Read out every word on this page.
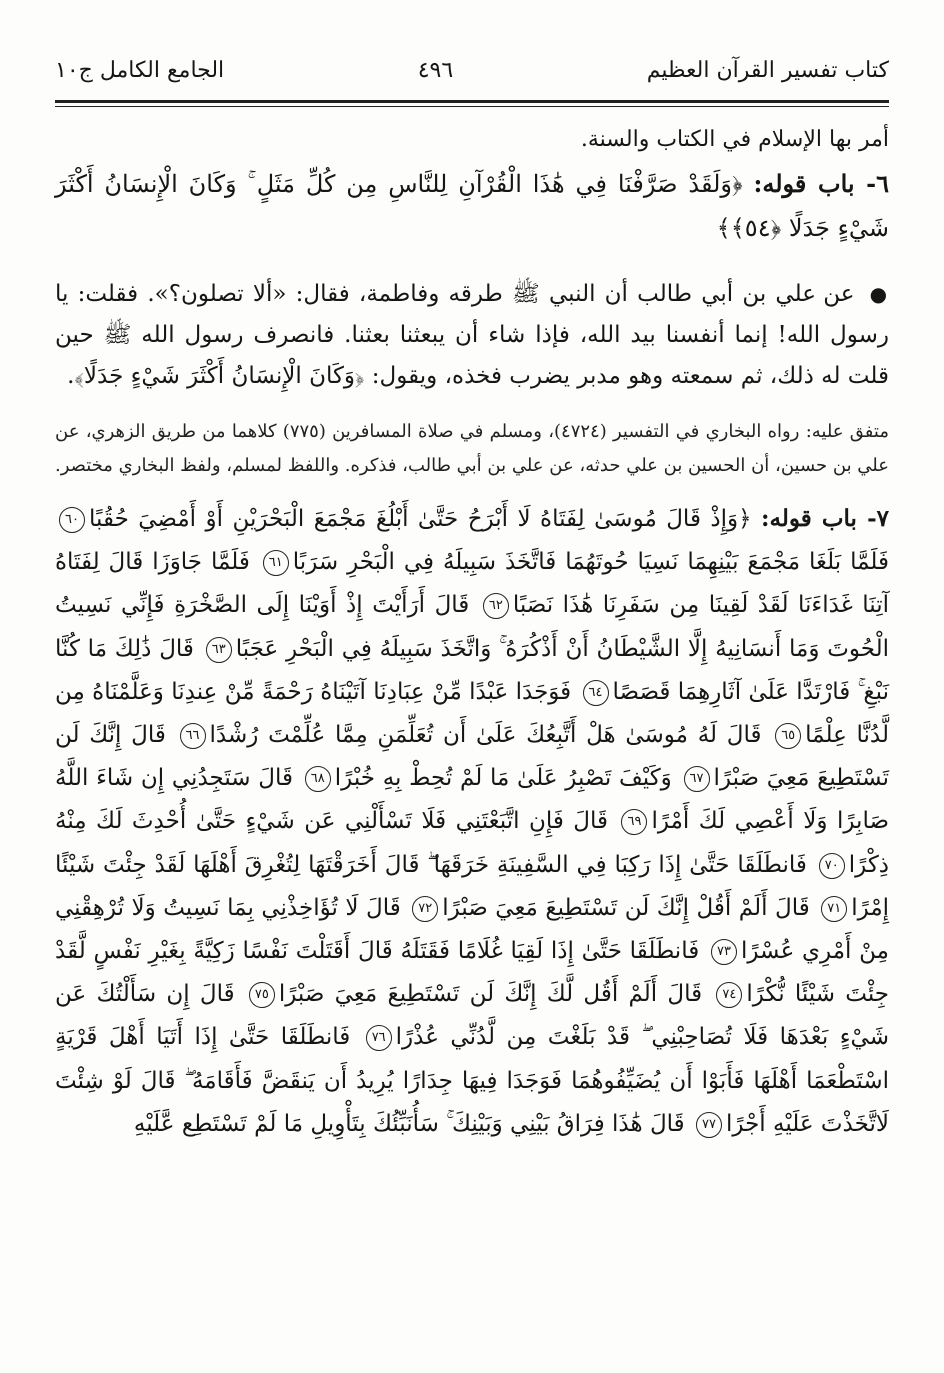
كتاب تفسير القرآن العظيم
٤٩٦
الجامع الكامل ج١٠

أمر بها الإسلام في الكتاب والسنة.

٦- باب قوله: ﴿وَلَقَدْ صَرَّفْنَا فِي هَٰذَا الْقُرْآنِ لِلنَّاسِ مِن كُلِّ مَثَلٍ ۚ وَكَانَ الْإِنسَانُ أَكْثَرَ شَيْءٍ جَدَلًا ﴿٥٤﴾﴾

● عن علي بن أبي طالب أن النبي ﷺ طرقه وفاطمة، فقال: «ألا تصلون؟». فقلت: يا رسول الله! إنما أنفسنا بيد الله، فإذا شاء أن يبعثنا بعثنا. فانصرف رسول الله ﷺ حين قلت له ذلك، ثم سمعته وهو مدبر يضرب فخذه، ويقول: ﴿وَكَانَ الْإِنسَانُ أَكْثَرَ شَيْءٍ جَدَلًا﴾.

متفق عليه: رواه البخاري في التفسير (٤٧٢٤)، ومسلم في صلاة المسافرين (٧٧٥) كلاهما من طريق الزهري، عن علي بن حسين، أن الحسين بن علي حدثه، عن علي بن أبي طالب، فذكره. واللفظ لمسلم، ولفظ البخاري مختصر.

٧- باب قوله: ﴿وَإِذْ قَالَ مُوسَىٰ لِفَتَاهُ لَا أَبْرَحُ حَتَّىٰ أَبْلُغَ مَجْمَعَ الْبَحْرَيْنِ أَوْ أَمْضِيَ حُقُبًا٦٠ فَلَمَّا بَلَغَا مَجْمَعَ بَيْنِهِمَا نَسِيَا حُوتَهُمَا فَاتَّخَذَ سَبِيلَهُ فِي الْبَحْرِ سَرَبًا٦١ فَلَمَّا جَاوَزَا قَالَ لِفَتَاهُ آتِنَا غَدَاءَنَا لَقَدْ لَقِينَا مِن سَفَرِنَا هَٰذَا نَصَبًا٦٢ قَالَ أَرَأَيْتَ إِذْ أَوَيْنَا إِلَى الصَّخْرَةِ فَإِنِّي نَسِيتُ الْحُوتَ وَمَا أَنسَانِيهُ إِلَّا الشَّيْطَانُ أَنْ أَذْكُرَهُ ۚ وَاتَّخَذَ سَبِيلَهُ فِي الْبَحْرِ عَجَبًا٦٣ قَالَ ذَٰلِكَ مَا كُنَّا نَبْغِ ۚ فَارْتَدَّا عَلَىٰ آثَارِهِمَا قَصَصًا٦٤ فَوَجَدَا عَبْدًا مِّنْ عِبَادِنَا آتَيْنَاهُ رَحْمَةً مِّنْ عِندِنَا وَعَلَّمْنَاهُ مِن لَّدُنَّا عِلْمًا٦٥ قَالَ لَهُ مُوسَىٰ هَلْ أَتَّبِعُكَ عَلَىٰ أَن تُعَلِّمَنِ مِمَّا عُلِّمْتَ رُشْدًا٦٦ قَالَ إِنَّكَ لَن تَسْتَطِيعَ مَعِيَ صَبْرًا٦٧ وَكَيْفَ تَصْبِرُ عَلَىٰ مَا لَمْ تُحِطْ بِهِ خُبْرًا٦٨ قَالَ سَتَجِدُنِي إِن شَاءَ اللَّهُ صَابِرًا وَلَا أَعْصِي لَكَ أَمْرًا٦٩ قَالَ فَإِنِ اتَّبَعْتَنِي فَلَا تَسْأَلْنِي عَن شَيْءٍ حَتَّىٰ أُحْدِثَ لَكَ مِنْهُ ذِكْرًا٧٠ فَانطَلَقَا حَتَّىٰ إِذَا رَكِبَا فِي السَّفِينَةِ خَرَقَهَا ۖ قَالَ أَخَرَقْتَهَا لِتُغْرِقَ أَهْلَهَا لَقَدْ جِئْتَ شَيْئًا إِمْرًا٧١ قَالَ أَلَمْ أَقُلْ إِنَّكَ لَن تَسْتَطِيعَ مَعِيَ صَبْرًا٧٢ قَالَ لَا تُؤَاخِذْنِي بِمَا نَسِيتُ وَلَا تُرْهِقْنِي مِنْ أَمْرِي عُسْرًا٧٣ فَانطَلَقَا حَتَّىٰ إِذَا لَقِيَا غُلَامًا فَقَتَلَهُ قَالَ أَقَتَلْتَ نَفْسًا زَكِيَّةً بِغَيْرِ نَفْسٍ لَّقَدْ جِئْتَ شَيْئًا نُّكْرًا٧٤ قَالَ أَلَمْ أَقُل لَّكَ إِنَّكَ لَن تَسْتَطِيعَ مَعِيَ صَبْرًا٧٥ قَالَ إِن سَأَلْتُكَ عَن شَيْءٍ بَعْدَهَا فَلَا تُصَاحِبْنِي ۖ قَدْ بَلَغْتَ مِن لَّدُنِّي عُذْرًا٧٦ فَانطَلَقَا حَتَّىٰ إِذَا أَتَيَا أَهْلَ قَرْيَةٍ اسْتَطْعَمَا أَهْلَهَا فَأَبَوْا أَن يُضَيِّفُوهُمَا فَوَجَدَا فِيهَا جِدَارًا يُرِيدُ أَن يَنقَضَّ فَأَقَامَهُ ۖ قَالَ لَوْ شِئْتَ لَاتَّخَذْتَ عَلَيْهِ أَجْرًا٧٧ قَالَ هَٰذَا فِرَاقُ بَيْنِي وَبَيْنِكَ ۚ سَأُنَبِّئُكَ بِتَأْوِيلِ مَا لَمْ تَسْتَطِع عَّلَيْهِ
